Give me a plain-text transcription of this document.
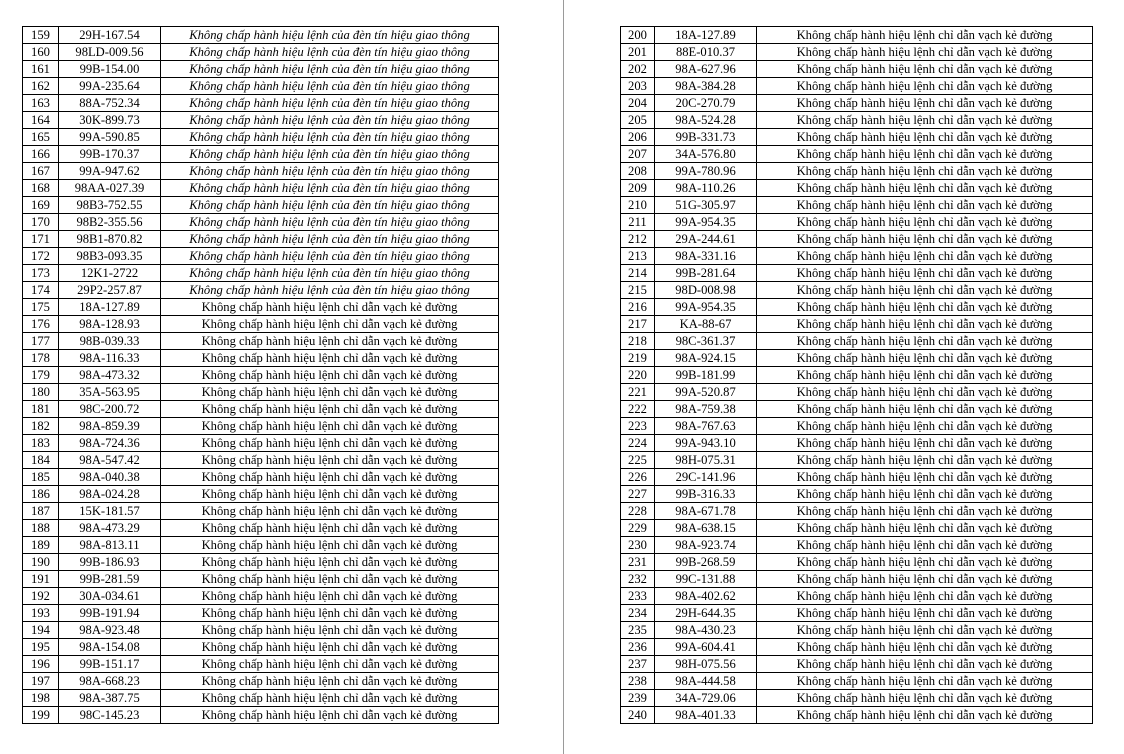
159	29H-167.54	Không chấp hành hiệu lệnh của đèn tín hiệu giao thông
160	98LD-009.56	Không chấp hành hiệu lệnh của đèn tín hiệu giao thông
161	99B-154.00	Không chấp hành hiệu lệnh của đèn tín hiệu giao thông
162	99A-235.64	Không chấp hành hiệu lệnh của đèn tín hiệu giao thông
163	88A-752.34	Không chấp hành hiệu lệnh của đèn tín hiệu giao thông
164	30K-899.73	Không chấp hành hiệu lệnh của đèn tín hiệu giao thông
165	99A-590.85	Không chấp hành hiệu lệnh của đèn tín hiệu giao thông
166	99B-170.37	Không chấp hành hiệu lệnh của đèn tín hiệu giao thông
167	99A-947.62	Không chấp hành hiệu lệnh của đèn tín hiệu giao thông
168	98AA-027.39	Không chấp hành hiệu lệnh của đèn tín hiệu giao thông
169	98B3-752.55	Không chấp hành hiệu lệnh của đèn tín hiệu giao thông
170	98B2-355.56	Không chấp hành hiệu lệnh của đèn tín hiệu giao thông
171	98B1-870.82	Không chấp hành hiệu lệnh của đèn tín hiệu giao thông
172	98B3-093.35	Không chấp hành hiệu lệnh của đèn tín hiệu giao thông
173	12K1-2722	Không chấp hành hiệu lệnh của đèn tín hiệu giao thông
174	29P2-257.87	Không chấp hành hiệu lệnh của đèn tín hiệu giao thông
175	18A-127.89	Không chấp hành hiệu lệnh chỉ dẫn vạch kẻ đường
176	98A-128.93	Không chấp hành hiệu lệnh chỉ dẫn vạch kẻ đường
177	98B-039.33	Không chấp hành hiệu lệnh chỉ dẫn vạch kẻ đường
178	98A-116.33	Không chấp hành hiệu lệnh chỉ dẫn vạch kẻ đường
179	98A-473.32	Không chấp hành hiệu lệnh chỉ dẫn vạch kẻ đường
180	35A-563.95	Không chấp hành hiệu lệnh chỉ dẫn vạch kẻ đường
181	98C-200.72	Không chấp hành hiệu lệnh chỉ dẫn vạch kẻ đường
182	98A-859.39	Không chấp hành hiệu lệnh chỉ dẫn vạch kẻ đường
183	98A-724.36	Không chấp hành hiệu lệnh chỉ dẫn vạch kẻ đường
184	98A-547.42	Không chấp hành hiệu lệnh chỉ dẫn vạch kẻ đường
185	98A-040.38	Không chấp hành hiệu lệnh chỉ dẫn vạch kẻ đường
186	98A-024.28	Không chấp hành hiệu lệnh chỉ dẫn vạch kẻ đường
187	15K-181.57	Không chấp hành hiệu lệnh chỉ dẫn vạch kẻ đường
188	98A-473.29	Không chấp hành hiệu lệnh chỉ dẫn vạch kẻ đường
189	98A-813.11	Không chấp hành hiệu lệnh chỉ dẫn vạch kẻ đường
190	99B-186.93	Không chấp hành hiệu lệnh chỉ dẫn vạch kẻ đường
191	99B-281.59	Không chấp hành hiệu lệnh chỉ dẫn vạch kẻ đường
192	30A-034.61	Không chấp hành hiệu lệnh chỉ dẫn vạch kẻ đường
193	99B-191.94	Không chấp hành hiệu lệnh chỉ dẫn vạch kẻ đường
194	98A-923.48	Không chấp hành hiệu lệnh chỉ dẫn vạch kẻ đường
195	98A-154.08	Không chấp hành hiệu lệnh chỉ dẫn vạch kẻ đường
196	99B-151.17	Không chấp hành hiệu lệnh chỉ dẫn vạch kẻ đường
197	98A-668.23	Không chấp hành hiệu lệnh chỉ dẫn vạch kẻ đường
198	98A-387.75	Không chấp hành hiệu lệnh chỉ dẫn vạch kẻ đường
199	98C-145.23	Không chấp hành hiệu lệnh chỉ dẫn vạch kẻ đường
200	18A-127.89	Không chấp hành hiệu lệnh chỉ dẫn vạch kẻ đường
201	88E-010.37	Không chấp hành hiệu lệnh chỉ dẫn vạch kẻ đường
202	98A-627.96	Không chấp hành hiệu lệnh chỉ dẫn vạch kẻ đường
203	98A-384.28	Không chấp hành hiệu lệnh chỉ dẫn vạch kẻ đường
204	20C-270.79	Không chấp hành hiệu lệnh chỉ dẫn vạch kẻ đường
205	98A-524.28	Không chấp hành hiệu lệnh chỉ dẫn vạch kẻ đường
206	99B-331.73	Không chấp hành hiệu lệnh chỉ dẫn vạch kẻ đường
207	34A-576.80	Không chấp hành hiệu lệnh chỉ dẫn vạch kẻ đường
208	99A-780.96	Không chấp hành hiệu lệnh chỉ dẫn vạch kẻ đường
209	98A-110.26	Không chấp hành hiệu lệnh chỉ dẫn vạch kẻ đường
210	51G-305.97	Không chấp hành hiệu lệnh chỉ dẫn vạch kẻ đường
211	99A-954.35	Không chấp hành hiệu lệnh chỉ dẫn vạch kẻ đường
212	29A-244.61	Không chấp hành hiệu lệnh chỉ dẫn vạch kẻ đường
213	98A-331.16	Không chấp hành hiệu lệnh chỉ dẫn vạch kẻ đường
214	99B-281.64	Không chấp hành hiệu lệnh chỉ dẫn vạch kẻ đường
215	98D-008.98	Không chấp hành hiệu lệnh chỉ dẫn vạch kẻ đường
216	99A-954.35	Không chấp hành hiệu lệnh chỉ dẫn vạch kẻ đường
217	KA-88-67	Không chấp hành hiệu lệnh chỉ dẫn vạch kẻ đường
218	98C-361.37	Không chấp hành hiệu lệnh chỉ dẫn vạch kẻ đường
219	98A-924.15	Không chấp hành hiệu lệnh chỉ dẫn vạch kẻ đường
220	99B-181.99	Không chấp hành hiệu lệnh chỉ dẫn vạch kẻ đường
221	99A-520.87	Không chấp hành hiệu lệnh chỉ dẫn vạch kẻ đường
222	98A-759.38	Không chấp hành hiệu lệnh chỉ dẫn vạch kẻ đường
223	98A-767.63	Không chấp hành hiệu lệnh chỉ dẫn vạch kẻ đường
224	99A-943.10	Không chấp hành hiệu lệnh chỉ dẫn vạch kẻ đường
225	98H-075.31	Không chấp hành hiệu lệnh chỉ dẫn vạch kẻ đường
226	29C-141.96	Không chấp hành hiệu lệnh chỉ dẫn vạch kẻ đường
227	99B-316.33	Không chấp hành hiệu lệnh chỉ dẫn vạch kẻ đường
228	98A-671.78	Không chấp hành hiệu lệnh chỉ dẫn vạch kẻ đường
229	98A-638.15	Không chấp hành hiệu lệnh chỉ dẫn vạch kẻ đường
230	98A-923.74	Không chấp hành hiệu lệnh chỉ dẫn vạch kẻ đường
231	99B-268.59	Không chấp hành hiệu lệnh chỉ dẫn vạch kẻ đường
232	99C-131.88	Không chấp hành hiệu lệnh chỉ dẫn vạch kẻ đường
233	98A-402.62	Không chấp hành hiệu lệnh chỉ dẫn vạch kẻ đường
234	29H-644.35	Không chấp hành hiệu lệnh chỉ dẫn vạch kẻ đường
235	98A-430.23	Không chấp hành hiệu lệnh chỉ dẫn vạch kẻ đường
236	99A-604.41	Không chấp hành hiệu lệnh chỉ dẫn vạch kẻ đường
237	98H-075.56	Không chấp hành hiệu lệnh chỉ dẫn vạch kẻ đường
238	98A-444.58	Không chấp hành hiệu lệnh chỉ dẫn vạch kẻ đường
239	34A-729.06	Không chấp hành hiệu lệnh chỉ dẫn vạch kẻ đường
240	98A-401.33	Không chấp hành hiệu lệnh chỉ dẫn vạch kẻ đường
